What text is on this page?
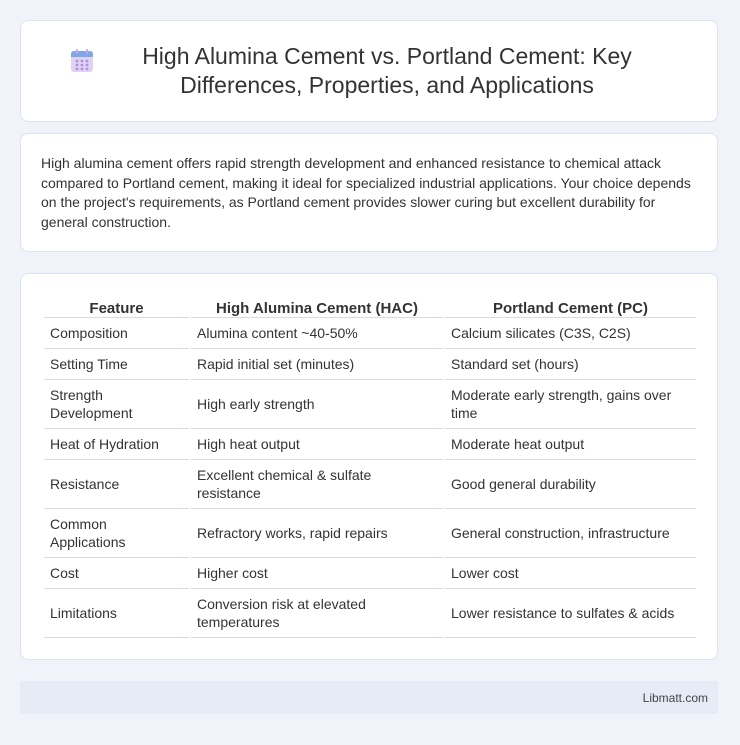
High Alumina Cement vs. Portland Cement: Key Differences, Properties, and Applications

High alumina cement offers rapid strength development and enhanced resistance to chemical attack compared to Portland cement, making it ideal for specialized industrial applications. Your choice depends on the project's requirements, as Portland cement provides slower curing but excellent durability for general construction.

Feature	High Alumina Cement (HAC)	Portland Cement (PC)
Composition	Alumina content ~40-50%	Calcium silicates (C3S, C2S)
Setting Time	Rapid initial set (minutes)	Standard set (hours)
Strength Development	High early strength	Moderate early strength, gains over time
Heat of Hydration	High heat output	Moderate heat output
Resistance	Excellent chemical & sulfate resistance	Good general durability
Common Applications	Refractory works, rapid repairs	General construction, infrastructure
Cost	Higher cost	Lower cost
Limitations	Conversion risk at elevated temperatures	Lower resistance to sulfates & acids
Libmatt.com
